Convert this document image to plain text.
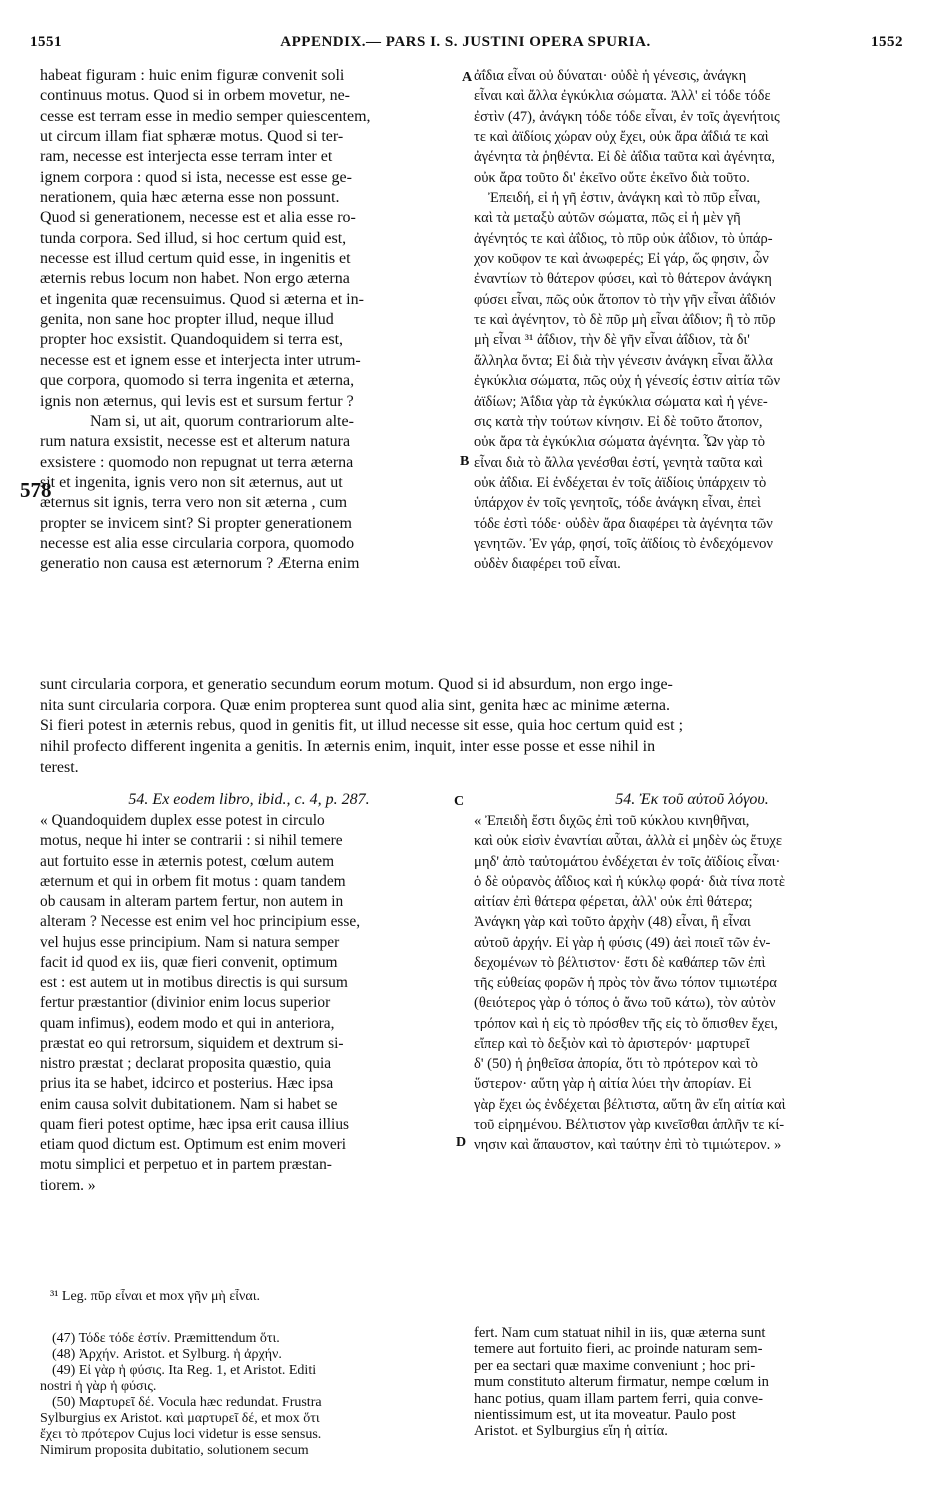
1551	APPENDIX.— PARS I. S. JUSTINI OPERA SPURIA.	1552
A
B
C
D
578
habeat figuram : huic enim figuræ convenit soli
continuus motus. Quod si in orbem movetur, ne-
cesse est terram esse in medio semper quiescentem,
ut circum illam fiat sphæræ motus. Quod si ter-
ram, necesse est interjecta esse terram inter et
ignem corpora : quod si ista, necesse est esse ge-
nerationem, quia hæc æterna esse non possunt.
Quod si generationem, necesse est et alia esse ro-
tunda corpora. Sed illud, si hoc certum quid est,
necesse est illud certum quid esse, in ingenitis et
æternis rebus locum non habet. Non ergo æterna
et ingenita quæ recensuimus. Quod si æterna et in-
genita, non sane hoc propter illud, neque illud
propter hoc exsistit. Quandoquidem si terra est,
necesse est et ignem esse et interjecta inter utrum-
que corpora, quomodo si terra ingenita et æterna,
ignis non æternus, qui levis est et sursum fertur ?
Nam si, ut ait, quorum contrariorum alte-
rum natura exsistit, necesse est et alterum natura
exsistere : quomodo non repugnat ut terra æterna
sit et ingenita, ignis vero non sit æternus, aut ut
æternus sit ignis, terra vero non sit æterna , cum
propter se invicem sint? Si propter generationem
necesse est alia esse circularia corpora, quomodo
generatio non causa est æternorum ? Æterna enim
ἀΐδια εἶναι οὐ δύναται· οὐδὲ ἡ γένεσις, ἀνάγκη
εἶναι καὶ ἄλλα ἐγκύκλια σώματα. Ἀλλ' εἰ τόδε τόδε
ἐστὶν (47), ἀνάγκη τόδε τόδε εἶναι, ἐν τοῖς ἀγενήτοις
τε καὶ ἀϊδίοις χώραν οὐχ ἔχει, οὐκ ἄρα ἀΐδιά τε καὶ
ἀγένητα τὰ ῥηθέντα. Εἰ δὲ ἀΐδια ταῦτα καὶ ἀγένητα,
οὐκ ἄρα τοῦτο δι' ἐκεῖνο οὔτε ἐκεῖνο διὰ τοῦτο.
Ἐπειδή, εἰ ἡ γῆ ἐστιν, ἀνάγκη καὶ τὸ πῦρ εἶναι,
καὶ τὰ μεταξὺ αὐτῶν σώματα, πῶς εἰ ἡ μὲν γῆ
ἀγένητός τε καὶ ἀΐδιος, τὸ πῦρ οὐκ ἀΐδιον, τὸ ὑπάρ-
χον κοῦφον τε καὶ ἀνωφερές; Εἰ γάρ, ὥς φησιν, ὧν
ἐναντίων τὸ θάτερον φύσει, καὶ τὸ θάτερον ἀνάγκη
φύσει εἶναι, πῶς οὐκ ἄτοπον τὸ τὴν γῆν εἶναι ἀΐδιόν
τε καὶ ἀγένητον, τὸ δὲ πῦρ μὴ εἶναι ἀΐδιον; ἢ τὸ πῦρ
μὴ εἶναι ³¹ ἀΐδιον, τὴν δὲ γῆν εἶναι ἀΐδιον, τὰ δι'
ἄλληλα ὄντα; Εἰ διὰ τὴν γένεσιν ἀνάγκη εἶναι ἄλλα
ἐγκύκλια σώματα, πῶς οὐχ ἡ γένεσίς ἐστιν αἰτία τῶν
ἀϊδίων; Ἀΐδια γὰρ τὰ ἐγκύκλια σώματα καὶ ἡ γένε-
σις κατὰ τὴν τούτων κίνησιν. Εἰ δὲ τοῦτο ἄτοπον,
οὐκ ἄρα τὰ ἐγκύκλια σώματα ἀγένητα. Ὧν γὰρ τὸ
εἶναι διὰ τὸ ἄλλα γενέσθαι ἐστί, γενητὰ ταῦτα καὶ
οὐκ ἀΐδια. Εἰ ἐνδέχεται ἐν τοῖς ἀϊδίοις ὑπάρχειν τὸ
ὑπάρχον ἐν τοῖς γενητοῖς, τόδε ἀνάγκη εἶναι, ἐπεὶ
τόδε ἐστὶ τόδε· οὐδὲν ἄρα διαφέρει τὰ ἀγένητα τῶν
γενητῶν. Ἐν γάρ, φησί, τοῖς ἀϊδίοις τὸ ἐνδεχόμενον
οὐδὲν διαφέρει τοῦ εἶναι.
sunt circularia corpora, et generatio secundum eorum motum. Quod si id absurdum, non ergo inge-
nita sunt circularia corpora. Quæ enim propterea sunt quod alia sint, genita hæc ac minime æterna.
Si fieri potest in æternis rebus, quod in genitis fit, ut illud necesse sit esse, quia hoc certum quid est ;
nihil profecto different ingenita a genitis. In æternis enim, inquit, inter esse posse et esse nihil in
terest.
54. Ex eodem libro, ibid., c. 4, p. 287.	54. Ἐκ τοῦ αὐτοῦ λόγου.
« Quandoquidem duplex esse potest in circulo
motus, neque hi inter se contrarii : si nihil temere
aut fortuito esse in æternis potest, cœlum autem
æternum et qui in orbem fit motus : quam tandem
ob causam in alteram partem fertur, non autem in
alteram ? Necesse est enim vel hoc principium esse,
vel hujus esse principium. Nam si natura semper
facit id quod ex iis, quæ fieri convenit, optimum
est : est autem ut in motibus directis is qui sursum
fertur præstantior (divinior enim locus superior
quam infimus), eodem modo et qui in anteriora,
præstat eo qui retrorsum, siquidem et dextrum si-
nistro præstat ; declarat proposita quæstio, quia
prius ita se habet, idcirco et posterius. Hæc ipsa
enim causa solvit dubitationem. Nam si habet se
quam fieri potest optime, hæc ipsa erit causa illius
etiam quod dictum est. Optimum est enim moveri
motu simplici et perpetuo et in partem præstan-
tiorem. »
« Ἐπειδὴ ἔστι διχῶς ἐπὶ τοῦ κύκλου κινηθῆναι,
καὶ οὐκ εἰσὶν ἐναντίαι αὗται, ἀλλὰ εἰ μηδὲν ὡς ἔτυχε
μηδ' ἀπὸ ταὐτομάτου ἐνδέχεται ἐν τοῖς ἀϊδίοις εἶναι·
ὁ δὲ οὐρανὸς ἀΐδιος καὶ ἡ κύκλῳ φορά· διὰ τίνα ποτὲ
αἰτίαν ἐπὶ θάτερα φέρεται, ἀλλ' οὐκ ἐπὶ θάτερα;
Ἀνάγκη γὰρ καὶ τοῦτο ἀρχὴν (48) εἶναι, ἢ εἶναι
αὐτοῦ ἀρχήν. Εἰ γὰρ ἡ φύσις (49) ἀεὶ ποιεῖ τῶν ἐν-
δεχομένων τὸ βέλτιστον· ἔστι δὲ καθάπερ τῶν ἐπὶ
τῆς εὐθείας φορῶν ἡ πρὸς τὸν ἄνω τόπον τιμιωτέρα
(θειότερος γὰρ ὁ τόπος ὁ ἄνω τοῦ κάτω), τὸν αὐτὸν
τρόπον καὶ ἡ εἰς τὸ πρόσθεν τῆς εἰς τὸ ὄπισθεν ἔχει,
εἴπερ καὶ τὸ δεξιὸν καὶ τὸ ἀριστερόν· μαρτυρεῖ
δ' (50) ἡ ῥηθεῖσα ἀπορία, ὅτι τὸ πρότερον καὶ τὸ
ὕστερον· αὕτη γὰρ ἡ αἰτία λύει τὴν ἀπορίαν. Εἰ
γὰρ ἔχει ὡς ἐνδέχεται βέλτιστα, αὕτη ἂν εἴη αἰτία καὶ
τοῦ εἰρημένου. Βέλτιστον γὰρ κινεῖσθαι ἁπλῆν τε κί-
νησιν καὶ ἄπαυστον, καὶ ταύτην ἐπὶ τὸ τιμιώτερον. »
³¹ Leg. πῦρ εἶναι et mox γῆν μὴ εἶναι.
(47) Τόδε τόδε ἐστίν. Præmittendum ὅτι.
(48) Ἀρχήν. Aristot. et Sylburg. ἡ ἀρχήν.
(49) Εἰ γὰρ ἡ φύσις. Ita Reg. 1, et Aristot. Editi
nostri ἡ γὰρ ἡ φύσις.
(50) Μαρτυρεῖ δέ. Vocula hæc redundat. Frustra
Sylburgius ex Aristot. καὶ μαρτυρεῖ δέ, et mox ὅτι
ἔχει τὸ πρότερον Cujus loci videtur is esse sensus.
Nimirum proposita dubitatio, solutionem secum
fert. Nam cum statuat nihil in iis, quæ æterna sunt
temere aut fortuito fieri, ac proinde naturam sem-
per ea sectari quæ maxime conveniunt ; hoc pri-
mum constituto alterum firmatur, nempe cœlum in
hanc potius, quam illam partem ferri, quia conve-
nientissimum est, ut ita moveatur. Paulo post
Aristot. et Sylburgius εἴη ἡ αἰτία.
